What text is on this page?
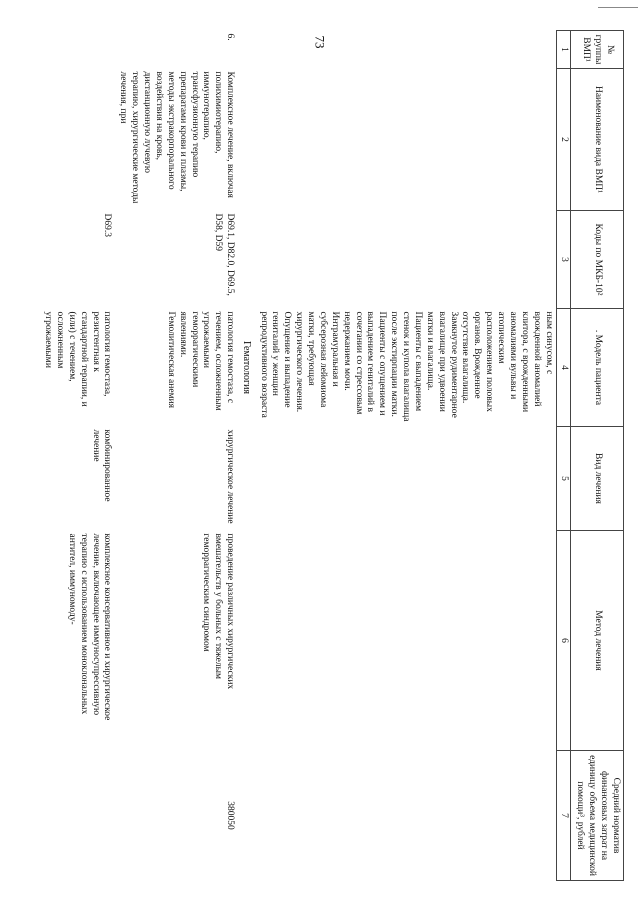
73
№ группы ВМП¹	Наименование вида ВМП¹	Коды по МКБ-10²	. Модель пациента	Вид лечения	Метод лечения	Средний норматив финансовых затрат на единицу объема медицинской помощи³, рублей
1	2	3	4	5	6	7
			ным синусом, с врожденной аномалией клитора, с врожденными аномалиями вульвы и атопическим расположением половых органов. Врожденное отсутствие влагалища. Замкнутое рудиментарное влагалище при удвоении матки и влагалища. Пациенты с выпадением стенок и купола влагалища после экстирпации матки. Пациенты с опущением и выпадением гениталий в сочетании со стрессовым недержанием мочи. Интрамуральная и субсерозная лейомиома матки, требующая хирургического лечения. Опущение и выпадение гениталий у женщин репродуктивного возраста			
			Гематология			
6.	Комплексное лечение, включая полихимиотерапию, иммунотерапию, трансфузионную терапию препаратами крови и плазмы, методы экстракорпорального воздействия на кровь, дистанционную лучевую терапию, хирургические методы лечения, при	D69.1, D82.0, D69.5, D58, D59	патология гемостаза, с течением, осложненным угрожаемыми геморрагическими явлениями. Гемолитическая анемия	хирургическое лечение	проведение различных хирургических вмешательств у больных с тяжелым геморрагическим синдромом	380050
		D69.3	патология гемостаза, резистентная к стандартной терапии, и (или) с течением, осложненным угрожаемыми	комбинированное лечение	комплексное консервативное и хирургическое лечение, включающее иммуносупрессивную терапию с использованием моноклональных антител, иммуномоду-	
